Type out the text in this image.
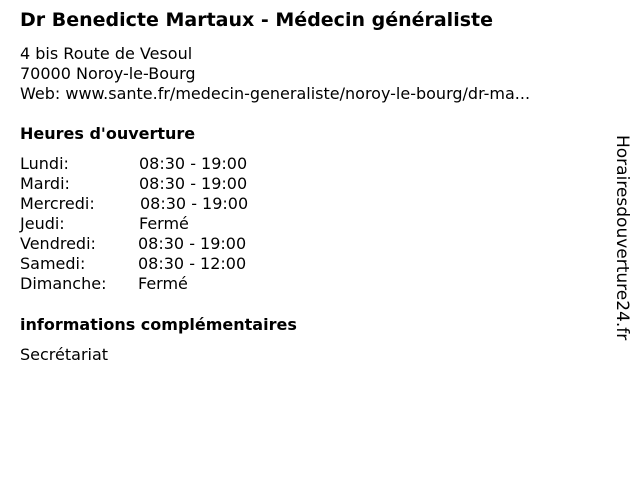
Dr Benedicte Martaux - Médecin généraliste
4 bis Route de Vesoul
70000 Noroy-le-Bourg
Web: www.sante.fr/medecin-generaliste/noroy-le-bourg/dr-ma...
Heures d'ouverture
Lundi:	08:30 - 19:00
Mardi:	08:30 - 19:00
Mercredi:	08:30 - 19:00
Jeudi:	Fermé
Vendredi:	08:30 - 19:00
Samedi:	08:30 - 12:00
Dimanche: Fermé
informations complémentaires
Secrétariat
Horairesdouverture24.fr
